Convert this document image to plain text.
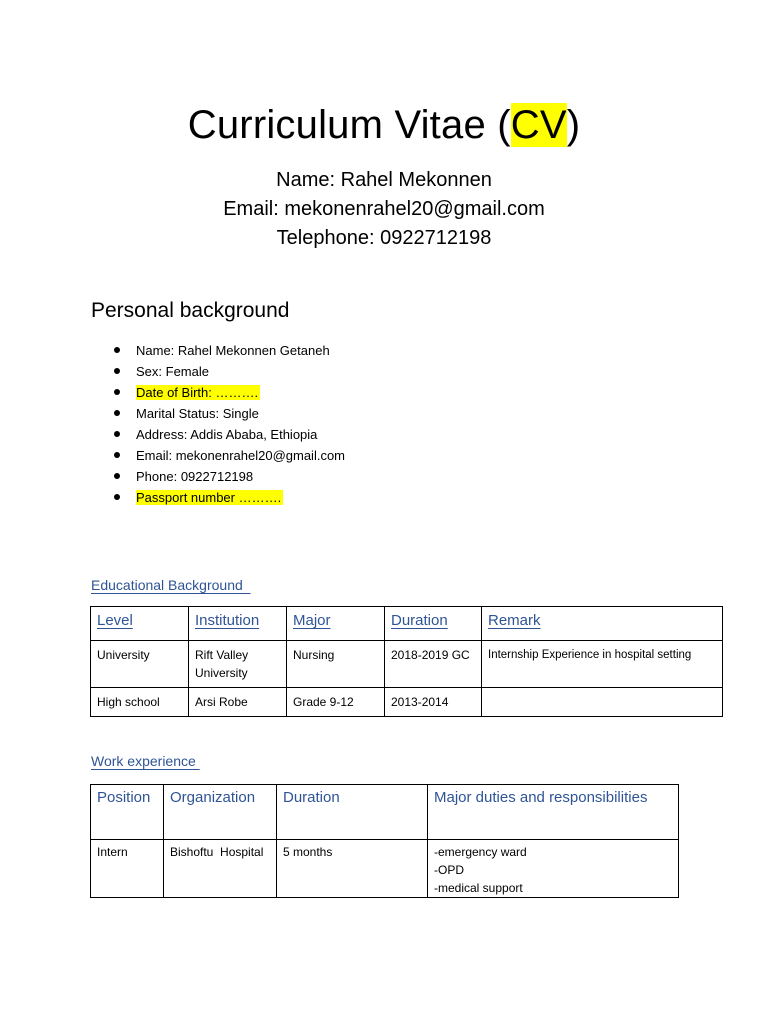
Curriculum Vitae (CV)
Name: Rahel Mekonnen
Email: mekonenrahel20@gmail.com
Telephone: 0922712198
Personal background
Name: Rahel Mekonnen Getaneh
Sex: Female
Date of Birth: ……….
Marital Status: Single
Address: Addis Ababa, Ethiopia
Email: mekonenrahel20@gmail.com
Phone: 0922712198
Passport number ……….
Educational Background
Level	Institution	Major	Duration	Remark
University	Rift Valley University	Nursing	2018-2019 GC	Internship Experience in hospital setting
High school	Arsi Robe	Grade 9-12	2013-2014	
Work experience
Position	Organization	Duration	Major duties and responsibilities
Intern	Bishoftu  Hospital	5 months	-emergency ward
-OPD
-medical support
